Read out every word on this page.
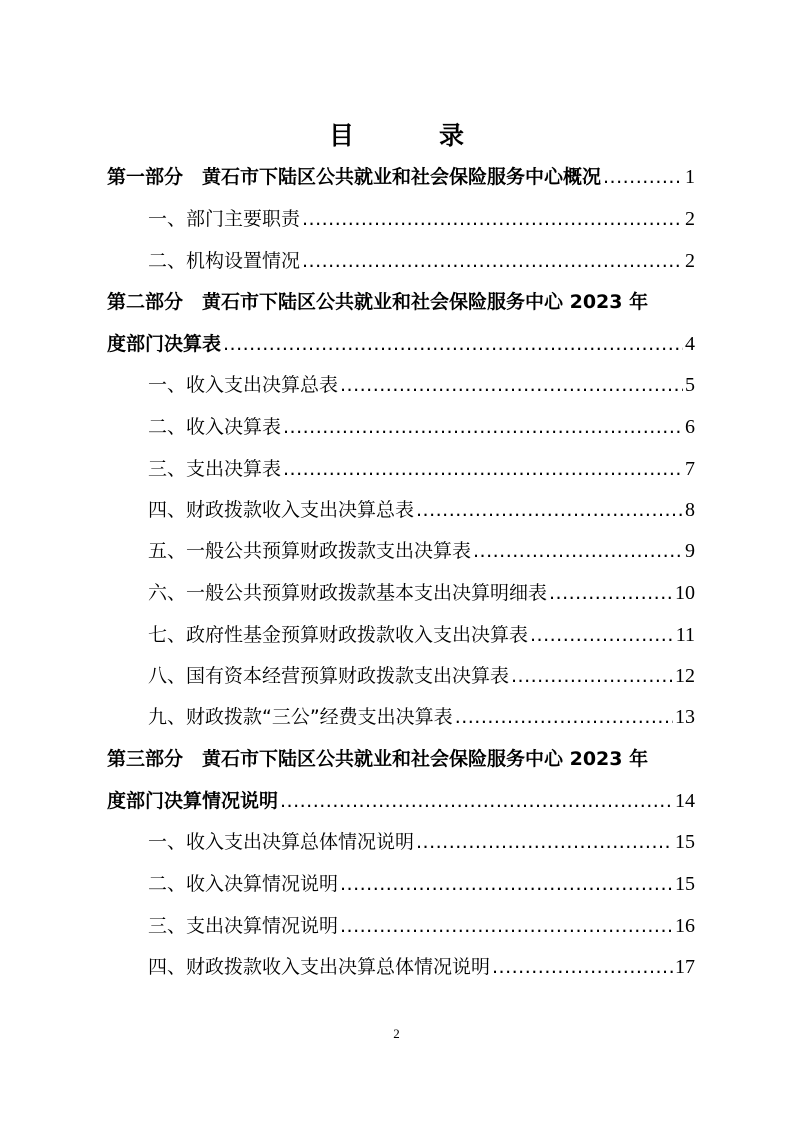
目　录
第一部分　黄石市下陆区公共就业和社会保险服务中心概况 .....	1
一、部门主要职责 .....	2
二、机构设置情况 .....	2
第二部分　黄石市下陆区公共就业和社会保险服务中心 2023 年
度部门决算表 .....	4
一、收入支出决算总表 .....	5
二、收入决算表 .....	6
三、支出决算表 .....	7
四、财政拨款收入支出决算总表 .....	8
五、一般公共预算财政拨款支出决算表 .....	9
六、一般公共预算财政拨款基本支出决算明细表 .....	10
七、政府性基金预算财政拨款收入支出决算表 .....	11
八、国有资本经营预算财政拨款支出决算表 .....	12
九、财政拨款“三公”经费支出决算表 .....	13
第三部分　黄石市下陆区公共就业和社会保险服务中心 2023 年
度部门决算情况说明 .....	14
一、收入支出决算总体情况说明 .....	15
二、收入决算情况说明 .....	15
三、支出决算情况说明 .....	16
四、财政拨款收入支出决算总体情况说明 .....	17
2
